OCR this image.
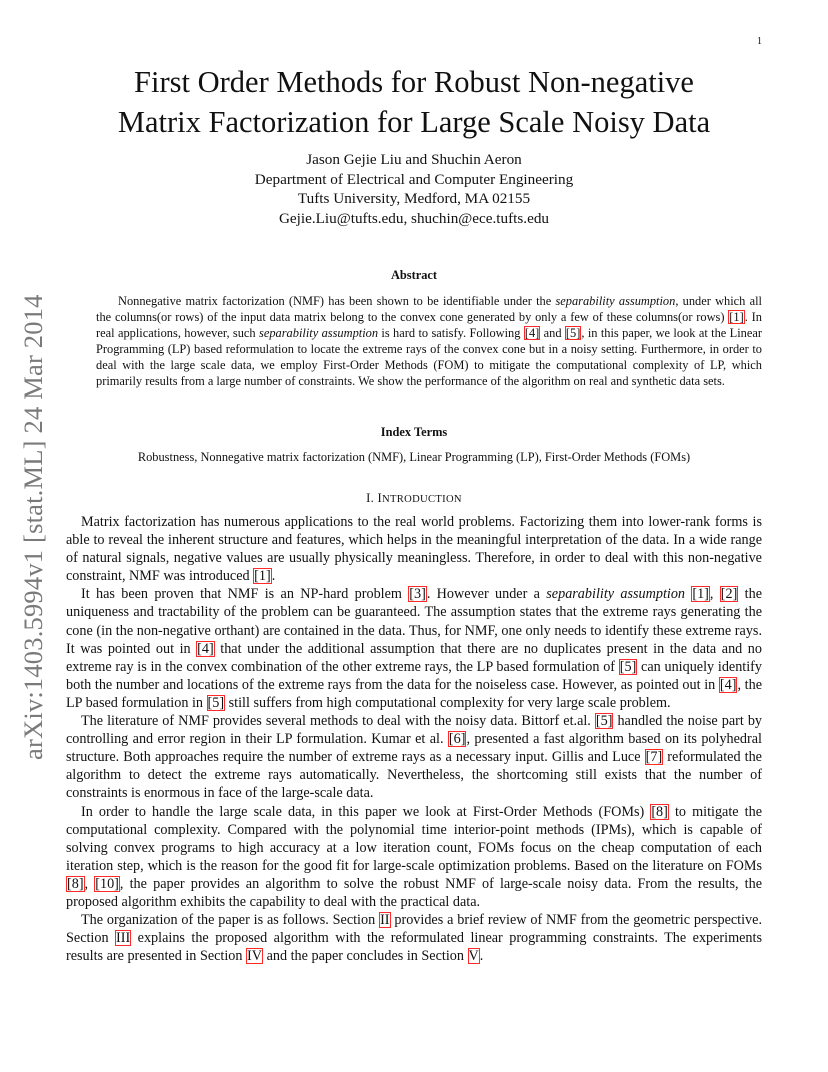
1
arXiv:1403.5994v1 [stat.ML] 24 Mar 2014
First Order Methods for Robust Non-negative
Matrix Factorization for Large Scale Noisy Data
Jason Gejie Liu and Shuchin Aeron
Department of Electrical and Computer Engineering
Tufts University, Medford, MA 02155
Gejie.Liu@tufts.edu, shuchin@ece.tufts.edu
Abstract

Nonnegative matrix factorization (NMF) has been shown to be identifiable under the separability assumption, under which all the columns(or rows) of the input data matrix belong to the convex cone generated by only a few of these columns(or rows) [1]. In real applications, however, such separability assumption is hard to satisfy. Following [4] and [5], in this paper, we look at the Linear Programming (LP) based reformulation to locate the extreme rays of the convex cone but in a noisy setting. Furthermore, in order to deal with the large scale data, we employ First-Order Methods (FOM) to mitigate the computational complexity of LP, which primarily results from a large number of constraints. We show the performance of the algorithm on real and synthetic data sets.

Index Terms
Robustness, Nonnegative matrix factorization (NMF), Linear Programming (LP), First-Order Methods (FOMs)
I. INTRODUCTION

Matrix factorization has numerous applications to the real world problems. Factorizing them into lower-rank forms is able to reveal the inherent structure and features, which helps in the meaningful interpretation of the data. In a wide range of natural signals, negative values are usually physically meaningless. Therefore, in order to deal with this non-negative constraint, NMF was introduced [1].

It has been proven that NMF is an NP-hard problem [3]. However under a separability assumption [1], [2] the uniqueness and tractability of the problem can be guaranteed. The assumption states that the extreme rays generating the cone (in the non-negative orthant) are contained in the data. Thus, for NMF, one only needs to identify these extreme rays. It was pointed out in [4] that under the additional assumption that there are no duplicates present in the data and no extreme ray is in the convex combination of the other extreme rays, the LP based formulation of [5] can uniquely identify both the number and locations of the extreme rays from the data for the noiseless case. However, as pointed out in [4], the LP based formulation in [5] still suffers from high computational complexity for very large scale problem.

The literature of NMF provides several methods to deal with the noisy data. Bittorf et.al. [5] handled the noise part by controlling and error region in their LP formulation. Kumar et al. [6], presented a fast algorithm based on its polyhedral structure. Both approaches require the number of extreme rays as a necessary input. Gillis and Luce [7] reformulated the algorithm to detect the extreme rays automatically. Nevertheless, the shortcoming still exists that the number of constraints is enormous in face of the large-scale data.

In order to handle the large scale data, in this paper we look at First-Order Methods (FOMs) [8] to mitigate the computational complexity. Compared with the polynomial time interior-point methods (IPMs), which is capable of solving convex programs to high accuracy at a low iteration count, FOMs focus on the cheap computation of each iteration step, which is the reason for the good fit for large-scale optimization problems. Based on the literature on FOMs [8], [10], the paper provides an algorithm to solve the robust NMF of large-scale noisy data. From the results, the proposed algorithm exhibits the capability to deal with the practical data.

The organization of the paper is as follows. Section II provides a brief review of NMF from the geometric perspective. Section III explains the proposed algorithm with the reformulated linear programming constraints. The experiments results are presented in Section IV and the paper concludes in Section V.
